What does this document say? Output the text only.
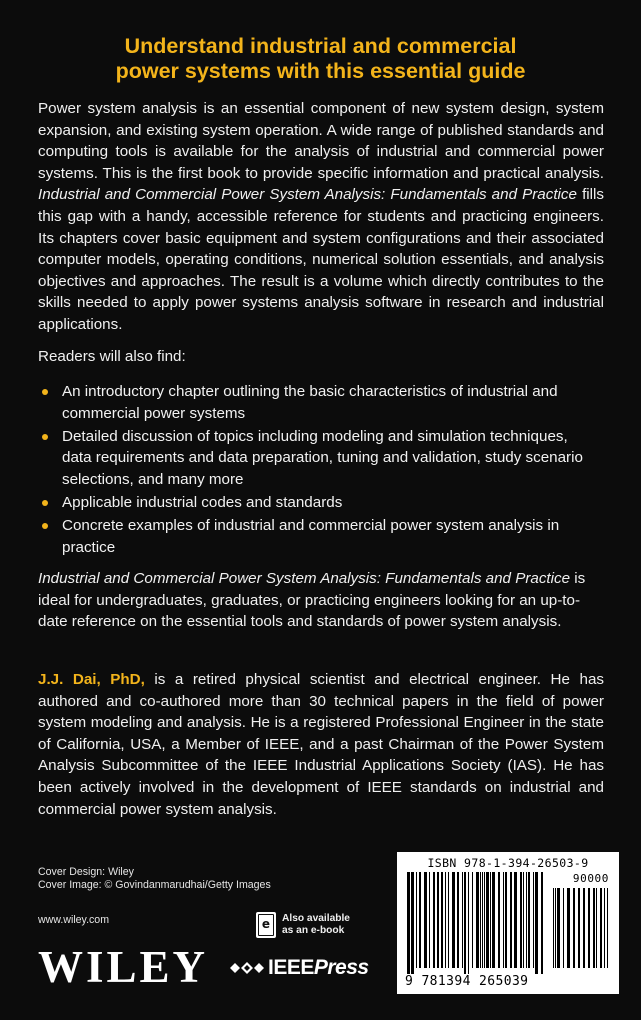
Understand industrial and commercial
power systems with this essential guide
Power system analysis is an essential component of new system design, system expansion, and existing system operation. A wide range of published standards and computing tools is available for the analysis of industrial and commercial power systems. This is the first book to provide specific information and practical analysis. Industrial and Commercial Power System Analysis: Fundamentals and Practice fills this gap with a handy, accessible reference for students and practicing engineers. Its chapters cover basic equipment and system configurations and their associated computer models, operating conditions, numerical solution essentials, and analysis objectives and approaches. The result is a volume which directly contributes to the skills needed to apply power systems analysis software in research and industrial applications.
Readers will also find:
An introductory chapter outlining the basic characteristics of industrial and commercial power systems
Detailed discussion of topics including modeling and simulation techniques, data requirements and data preparation, tuning and validation, study scenario selections, and many more
Applicable industrial codes and standards
Concrete examples of industrial and commercial power system analysis in practice
Industrial and Commercial Power System Analysis: Fundamentals and Practice is ideal for undergraduates, graduates, or practicing engineers looking for an up-to-date reference on the essential tools and standards of power system analysis.
J.J. Dai, PhD, is a retired physical scientist and electrical engineer. He has authored and co-authored more than 30 technical papers in the field of power system modeling and analysis. He is a registered Professional Engineer in the state of California, USA, a Member of IEEE, and a past Chairman of the Power System Analysis Subcommittee of the IEEE Industrial Applications Society (IAS). He has been actively involved in the development of IEEE standards on industrial and commercial power system analysis.
Cover Design: Wiley
Cover Image: © Govindanmarudhai/Getty Images
www.wiley.com	e	Also available
as an e-book
WILEY	IEEEPress
ISBN 978-1-394-26503-9
90000
9 781394 265039
